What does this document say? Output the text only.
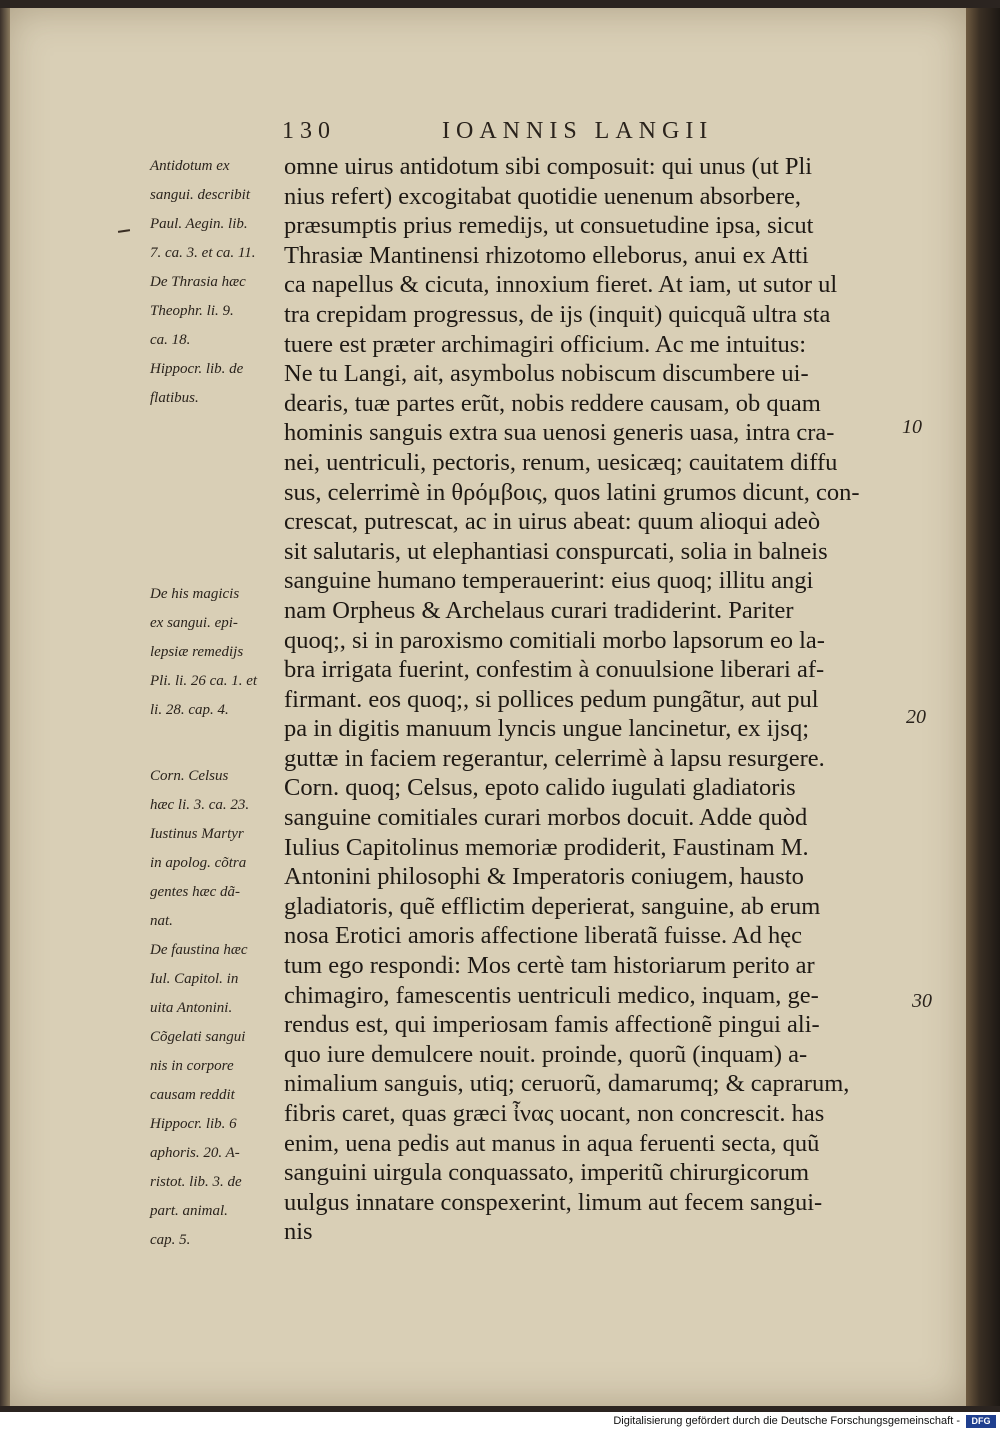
130	IOANNIS LANGII
Antidotum ex
sangui. describit
Paul. Aegin. lib.
7. ca. 3. et ca. 11.
De Thrasia hæc
Theophr. li. 9.
ca. 18.
Hippocr. lib. de
flatibus.
De his magicis
ex sangui. epi-
lepsiæ remedijs
Pli. li. 26 ca. 1. et
li. 28. cap. 4.
Corn. Celsus
hæc li. 3. ca. 23.
Iustinus Martyr
in apolog. cõtra
gentes hæc dã-
nat.
De faustina hæc
Iul. Capitol. in
uita Antonini.
Cõgelati sangui
nis in corpore
causam reddit
Hippocr. lib. 6
aphoris. 20. A-
ristot. lib. 3. de
part. animal.
cap. 5.
omne uirus antidotum sibi composuit: qui unus (ut Pli
nius refert) excogitabat quotidie uenenum absorbere,
præsumptis prius remedijs, ut consuetudine ipsa, sicut
Thrasiæ Mantinensi rhizotomo elleborus, anui ex Atti
ca napellus & cicuta, innoxium fieret. At iam, ut sutor ul
tra crepidam progressus, de ijs (inquit) quicquã ultra sta
tuere est præter archimagiri officium. Ac me intuitus:
Ne tu Langi, ait, asymbolus nobiscum discumbere ui-
dearis, tuæ partes erũt, nobis reddere causam, ob quam
hominis sanguis extra sua uenosi generis uasa, intra cra-
nei, uentriculi, pectoris, renum, uesicæq; cauitatem diffu
sus, celerrimè in θρόμβοις, quos latini grumos dicunt, con-
crescat, putrescat, ac in uirus abeat: quum alioqui adeò
sit salutaris, ut elephantiasi conspurcati, solia in balneis
sanguine humano temperauerint: eius quoq; illitu angi
nam Orpheus & Archelaus curari tradiderint. Pariter
quoq;, si in paroxismo comitiali morbo lapsorum eo la-
bra irrigata fuerint, confestim à conuulsione liberari af-
firmant. eos quoq;, si pollices pedum pungãtur, aut pul
pa in digitis manuum lyncis ungue lancinetur, ex ijsq;
guttæ in faciem regerantur, celerrimè à lapsu resurgere.
Corn. quoq; Celsus, epoto calido iugulati gladiatoris
sanguine comitiales curari morbos docuit. Adde quòd
Iulius Capitolinus memoriæ prodiderit, Faustinam M.
Antonini philosophi & Imperatoris coniugem, hausto
gladiatoris, quẽ efflictim deperierat, sanguine, ab erum
nosa Erotici amoris affectione liberatã fuisse. Ad hęc
tum ego respondi: Mos certè tam historiarum perito ar
chimagiro, famescentis uentriculi medico, inquam, ge-
rendus est, qui imperiosam famis affectionẽ pingui ali-
quo iure demulcere nouit. proinde, quorũ (inquam) a-
nimalium sanguis, utiq; ceruorũ, damarumq; & caprarum,
fibris caret, quas græci ἶνας uocant, non concrescit. has
enim, uena pedis aut manus in aqua feruenti secta, quũ
sanguini uirgula conquassato, imperitũ chirurgicorum
uulgus innatare conspexerint, limum aut fecem sangui-
nis
10
20
30
Digitalisierung gefördert durch die Deutsche Forschungsgemeinschaft -	DFG
